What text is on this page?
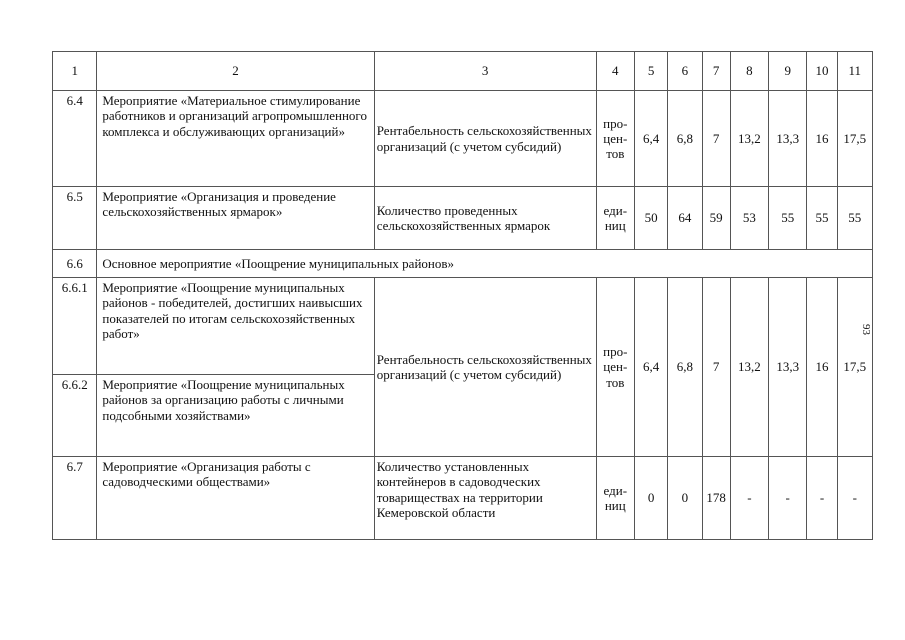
1	2	3	4	5	6	7	8	9	10	11
6.4	Мероприятие «Материальное стимулирование работников и организаций агропромышленного комплекса и обслуживающих организаций»	Рентабельность сельскохозяйственных организаций (с учетом субсидий)	про-
цен-
тов	6,4	6,8	7	13,2	13,3	16	17,5
6.5	Мероприятие «Организация и проведение сельскохозяйственных ярмарок»	Количество проведенных сельскохозяйственных ярмарок	еди-
ниц	50	64	59	53	55	55	55
6.6	Основное мероприятие «Поощрение муниципальных районов»									
6.6.1	Мероприятие «Поощрение муниципальных районов - победителей, достигших наивысших показателей по итогам сельскохозяйственных работ»	Рентабельность сельскохозяйственных организаций (с учетом субсидий)	про-
цен-
тов	6,4	6,8	7	13,2	13,3	16	17,5
6.6.2	Мероприятие «Поощрение муниципальных районов за организацию работы с личными подсобными хозяйствами»									
6.7	Мероприятие «Организация работы с садоводческими обществами»	Количество установленных контейнеров в садоводческих товариществах на территории Кемеровской области	еди-
ниц	0	0	178	-	-	-	-
93
